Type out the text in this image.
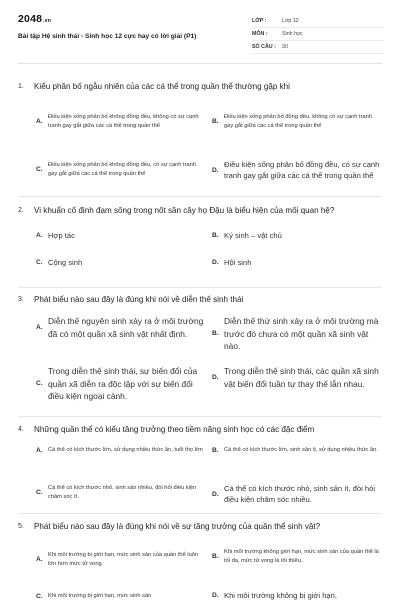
2048.vn
Bài tập Hệ sinh thái - Sinh học 12 cực hay có lời giải (P1)
LỚP :	Lớp 12
MÔN :	Sinh học
SỐ CÂU :	30
1.	Kiểu phân bố ngẫu nhiên của các cá thể trong quần thể thường gặp khi
A.
Điều kiện sống phân bố không đồng đều, không có sự cạnh tranh gay gắt giữa các cá thể trong quần thể
B.
Điều kiện sống phân bố đồng đều, không có sự cạnh tranh gay gắt giữa các cá thể trong quần thể
C.
Điều kiện sống phân bố không đồng đều, có sự cạnh tranh gay gắt giữa các cá thể trong quần thể	D.
Điều kiện sống phân bố đồng đều, có sự cạnh tranh gay gắt giữa các cá thể trong quần thể
2.	Vi khuẩn cố định đạm sống trong nốt sần cây họ Đậu là biểu hiện của mối quan hệ?
A. Hợp tác	B. Ký sinh – vật chủ
C. Cộng sinh	D. Hội sinh
3.	Phát biểu nào sau đây là đúng khi nói về diễn thế sinh thái
A.
Diễn thế nguyên sinh xảy ra ở môi trường đã có một quần xã sinh vật nhất định.	B.
Diễn thế thứ sinh xảy ra ở môi trường mà trước đó chưa có một quần xã sinh vật nào.
C.
Trong diễn thế sinh thái, sự biến đổi của quần xã diễn ra độc lập với sự biến đổi điều kiện ngoại cảnh.
D.
Trong diễn thế sinh thái, các quần xã sinh vật biến đổi tuần tự thay thế lẫn nhau.
4.	Những quần thể có kiểu tăng trưởng theo tiềm năng sinh học có các đặc điểm
A. Cá thể có kích thước lớn, sử dụng nhiều thức ăn, tuổi thọ lớn B. Cá thể có kích thước lớn, sinh sản ít, sử dụng nhiều thức ăn.
C.
Cá thể có kích thước nhỏ, sinh sản nhiều, đòi hỏi điều kiện chăm sóc ít.	D.
Cá thể có kích thước nhỏ, sinh sản ít, đòi hỏi điều kiện chăm sóc nhiều.
5.	Phát biểu nào sau đây là đúng khi nói về sự tăng trưởng của quần thể sinh vật?
A.
Khi môi trường bị giới hạn, mức sinh sản của quần thể luôn lớn hơn mức tử vong
B.
Khi môi trường không giới hạn, mức sinh sản của quần thể là tối đa, mức tử vong là tối thiểu.
C. Khi môi trường bị giới hạn, mức sinh sản	D. Khi môi trường không bị giới hạn,
